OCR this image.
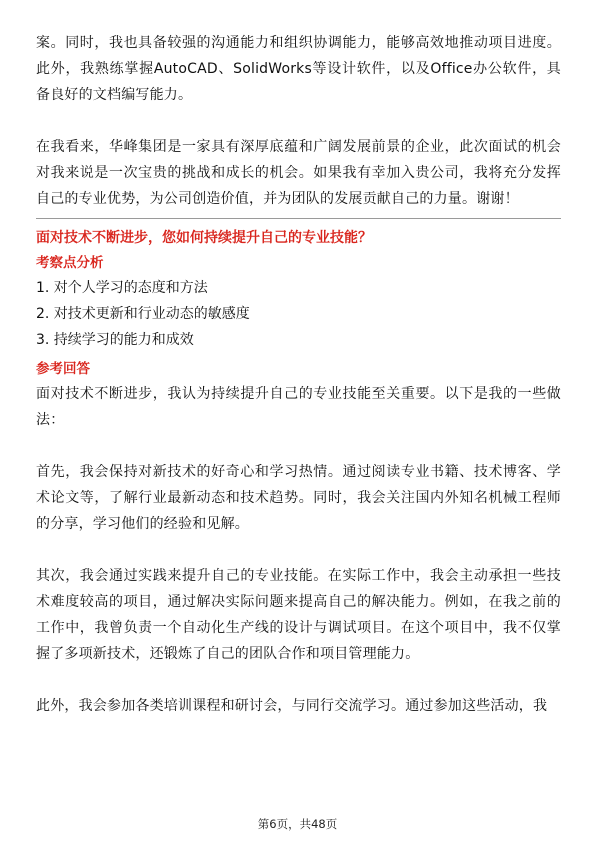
案。同时，我也具备较强的沟通能力和组织协调能力，能够高效地推动项目进度。此外，我熟练掌握AutoCAD、SolidWorks等设计软件，以及Office办公软件，具备良好的文档编写能力。

在我看来，华峰集团是一家具有深厚底蕴和广阔发展前景的企业，此次面试的机会对我来说是一次宝贵的挑战和成长的机会。如果我有幸加入贵公司，我将充分发挥自己的专业优势，为公司创造价值，并为团队的发展贡献自己的力量。谢谢！

面对技术不断进步，您如何持续提升自己的专业技能？
考察点分析
1. 对个人学习的态度和方法
2. 对技术更新和行业动态的敏感度
3. 持续学习的能力和成效
参考回答

面对技术不断进步，我认为持续提升自己的专业技能至关重要。以下是我的一些做法：

首先，我会保持对新技术的好奇心和学习热情。通过阅读专业书籍、技术博客、学术论文等，了解行业最新动态和技术趋势。同时，我会关注国内外知名机械工程师的分享，学习他们的经验和见解。

其次，我会通过实践来提升自己的专业技能。在实际工作中，我会主动承担一些技术难度较高的项目，通过解决实际问题来提高自己的解决能力。例如，在我之前的工作中，我曾负责一个自动化生产线的设计与调试项目。在这个项目中，我不仅掌握了多项新技术，还锻炼了自己的团队合作和项目管理能力。

此外，我会参加各类培训课程和研讨会，与同行交流学习。通过参加这些活动，我

第6页，共48页
